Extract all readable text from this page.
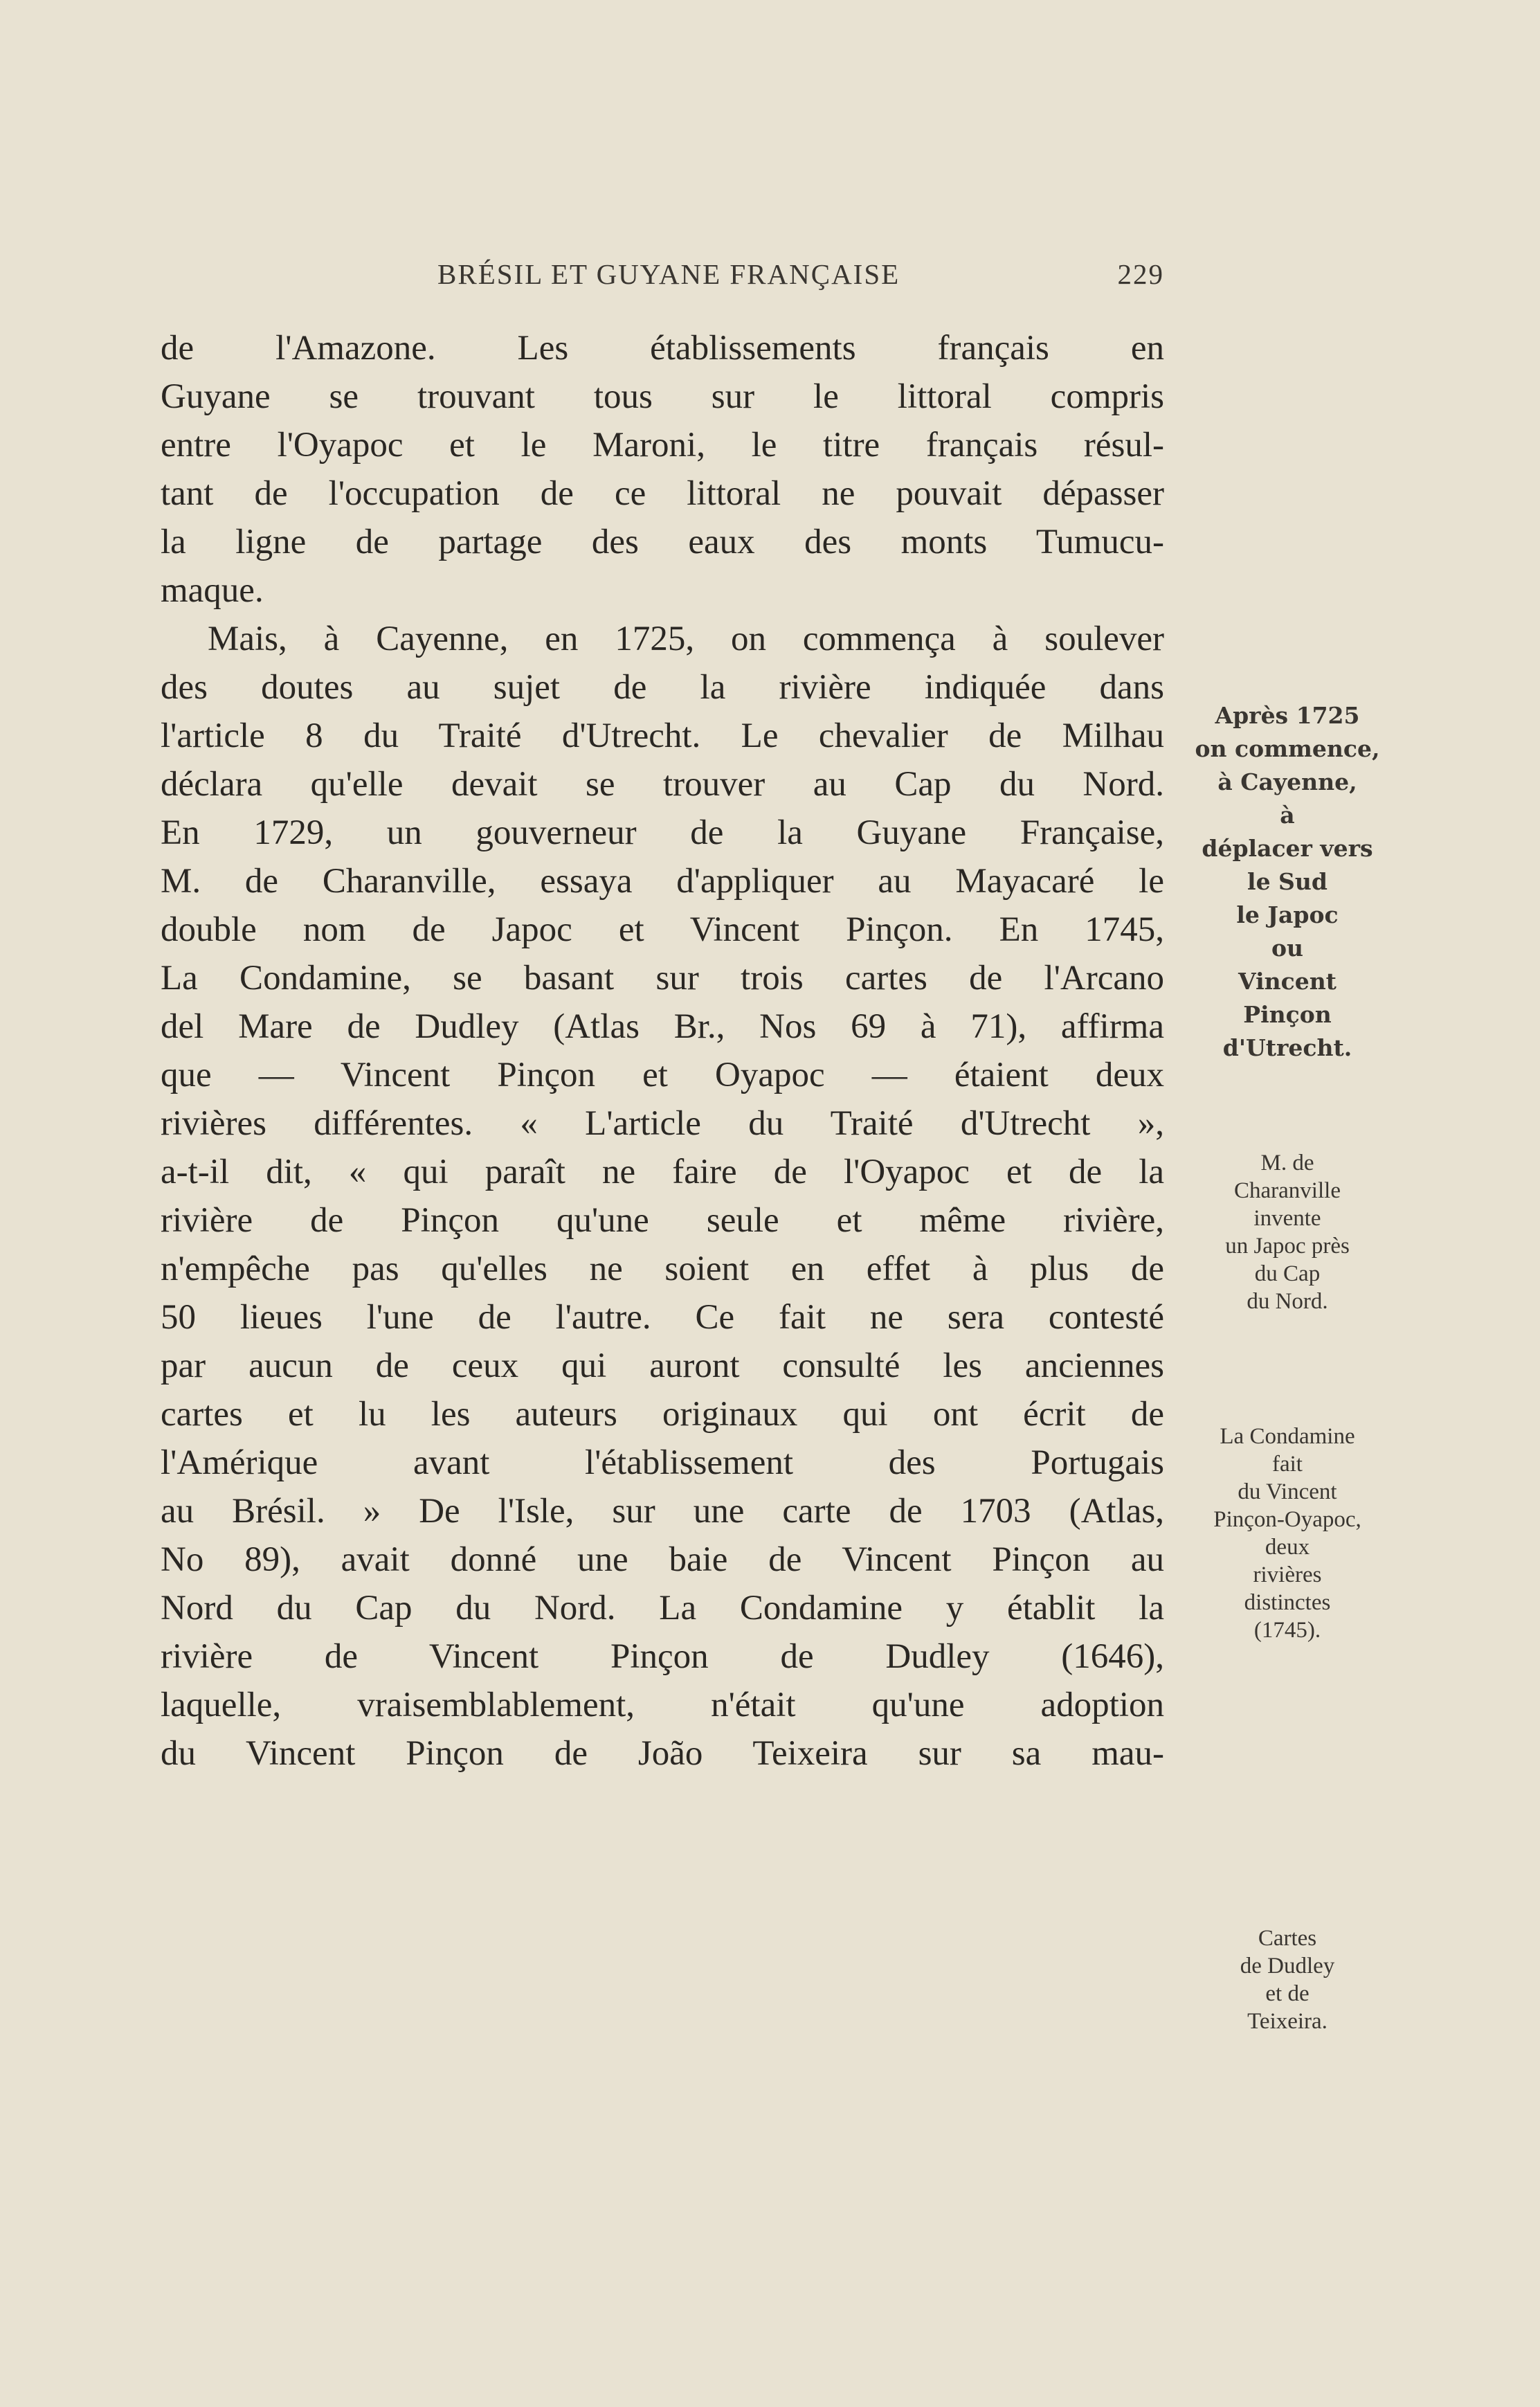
BRÉSIL ET GUYANE FRANÇAISE	229
de l'Amazone. Les établissements français en
Guyane se trouvant tous sur le littoral compris
entre l'Oyapoc et le Maroni, le titre français résul-
tant de l'occupation de ce littoral ne pouvait dépasser
la ligne de partage des eaux des monts Tumucu-
maque.
Mais, à Cayenne, en 1725, on commença à soulever
des doutes au sujet de la rivière indiquée dans
l'article 8 du Traité d'Utrecht. Le chevalier de Milhau
déclara qu'elle devait se trouver au Cap du Nord.
En 1729, un gouverneur de la Guyane Française,
M. de Charanville, essaya d'appliquer au Mayacaré le
double nom de Japoc et Vincent Pinçon. En 1745,
La Condamine, se basant sur trois cartes de l'Arcano
del Mare de Dudley (Atlas Br., Nos 69 à 71), affirma
que — Vincent Pinçon et Oyapoc — étaient deux
rivières différentes. « L'article du Traité d'Utrecht »,
a-t-il dit, « qui paraît ne faire de l'Oyapoc et de la
rivière de Pinçon qu'une seule et même rivière,
n'empêche pas qu'elles ne soient en effet à plus de
50 lieues l'une de l'autre. Ce fait ne sera contesté
par aucun de ceux qui auront consulté les anciennes
cartes et lu les auteurs originaux qui ont écrit de
l'Amérique avant l'établissement des Portugais
au Brésil. » De l'Isle, sur une carte de 1703 (Atlas,
No 89), avait donné une baie de Vincent Pinçon au
Nord du Cap du Nord. La Condamine y établit la
rivière de Vincent Pinçon de Dudley (1646),
laquelle, vraisemblablement, n'était qu'une adoption
du Vincent Pinçon de João Teixeira sur sa mau-
Après 1725
on commence,
à Cayenne,
à
déplacer vers
le Sud
le Japoc
ou
Vincent
Pinçon
d'Utrecht.
M. de
Charanville
invente
un Japoc près
du Cap
du Nord.
La Condamine
fait
du Vincent
Pinçon-Oyapoc,
deux
rivières
distinctes
(1745).
Cartes
de Dudley
et de
Teixeira.
